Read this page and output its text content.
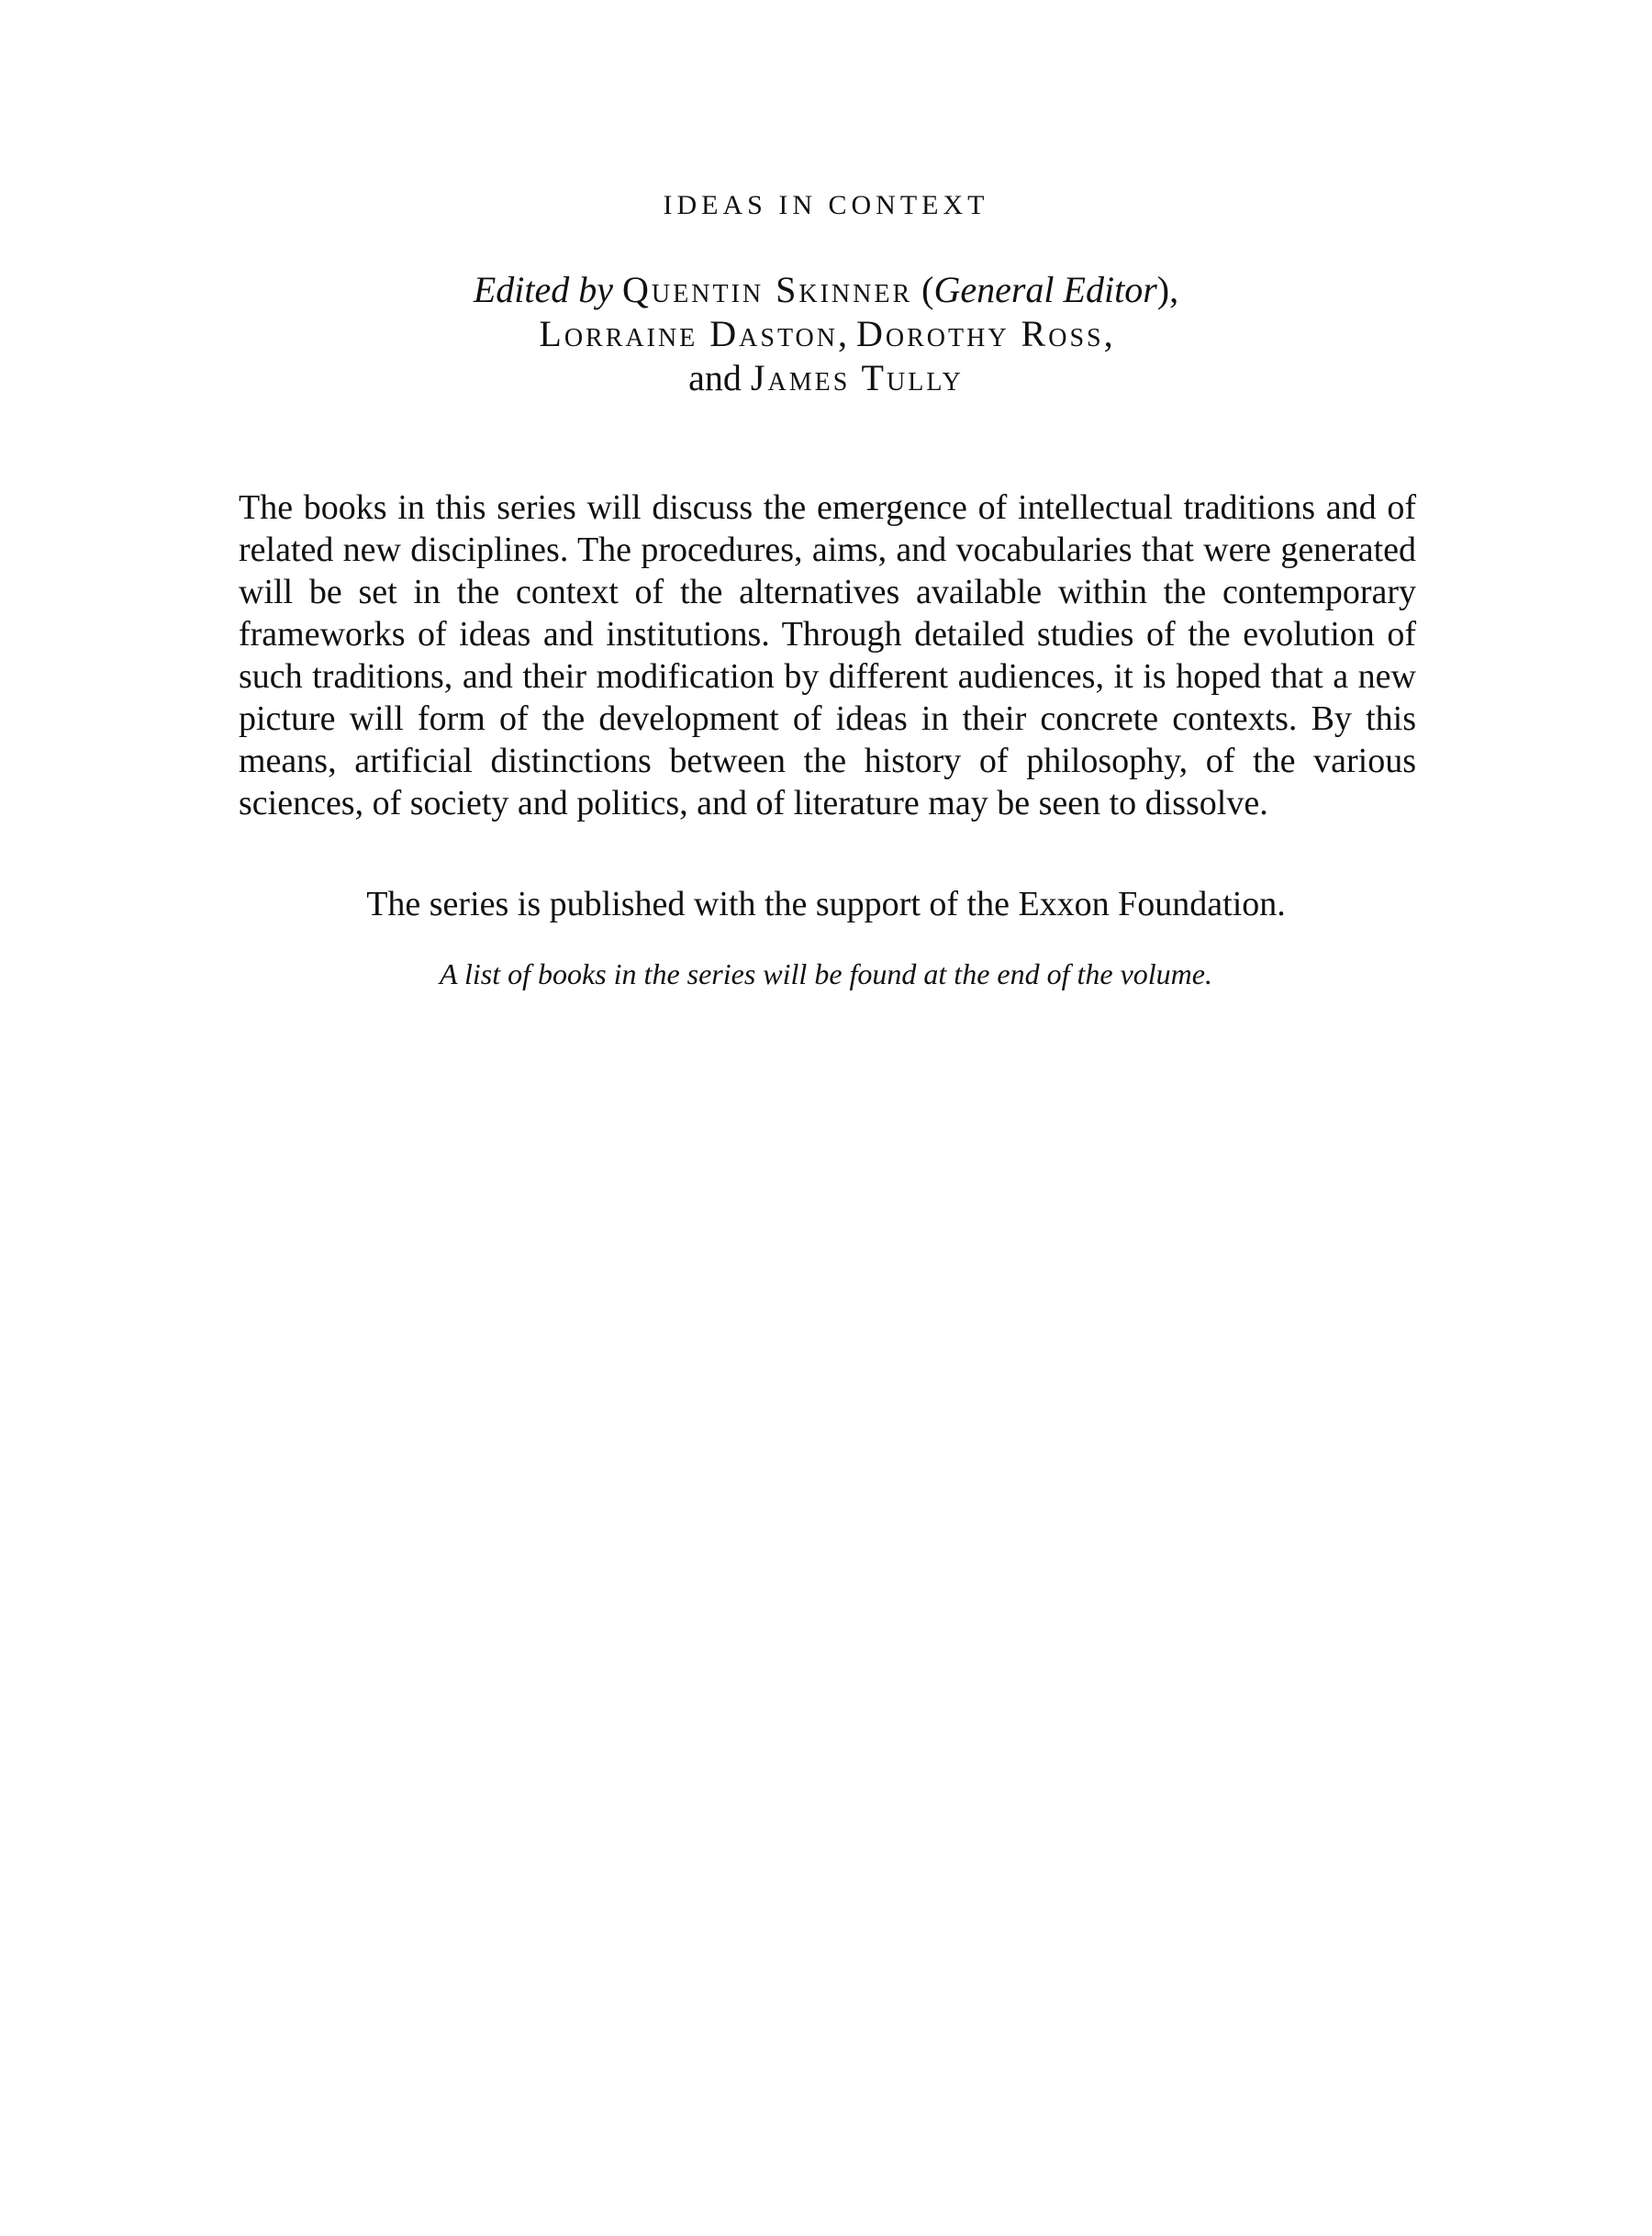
IDEAS IN CONTEXT
Edited by Quentin Skinner (General Editor),
Lorraine Daston, Dorothy Ross,
and James Tully

The books in this series will discuss the emergence of intellectual traditions and of related new disciplines. The procedures, aims, and vocabularies that were generated will be set in the context of the alternatives available within the contemporary frameworks of ideas and institutions. Through detailed studies of the evolution of such traditions, and their modification by different audiences, it is hoped that a new picture will form of the development of ideas in their concrete contexts. By this means, artificial distinctions between the history of philosophy, of the various sciences, of society and politics, and of literature may be seen to dissolve.

The series is published with the support of the Exxon Foundation.

A list of books in the series will be found at the end of the volume.
